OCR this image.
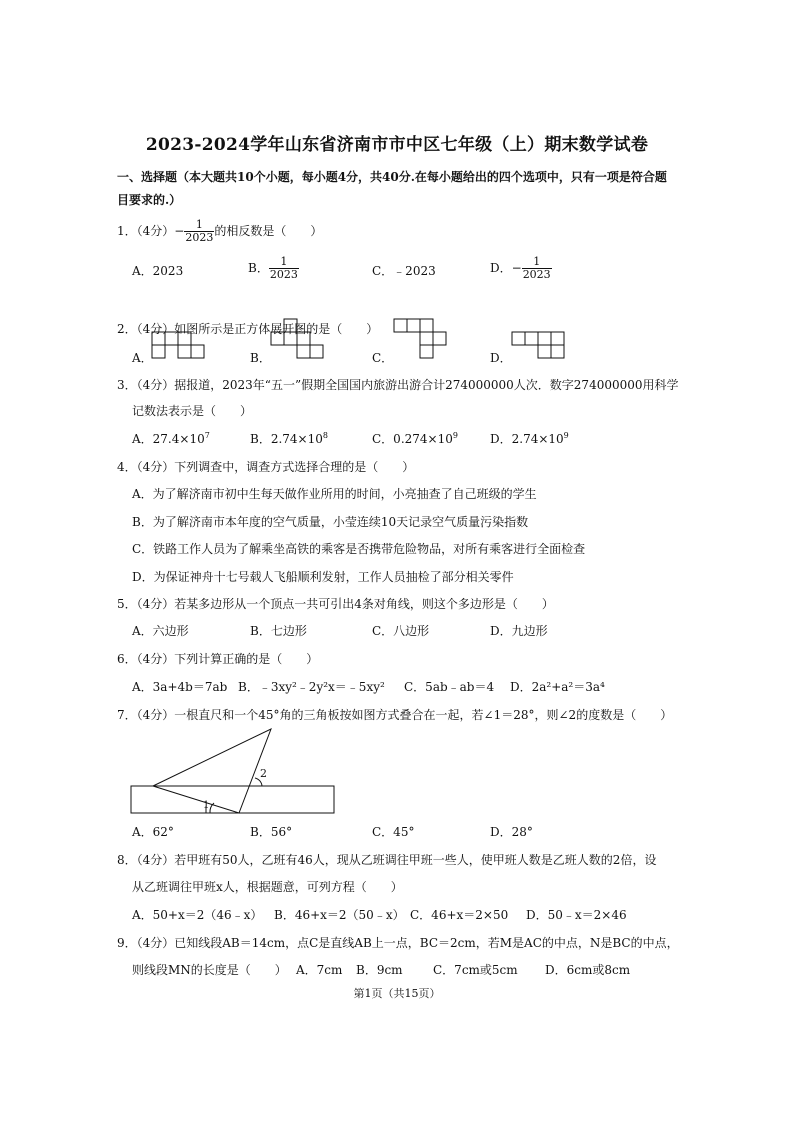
2023-2024学年山东省济南市市中区七年级（上）期末数学试卷
一、选择题（本大题共10个小题，每小题4分，共40分.在每小题给出的四个选项中，只有一项是符合题目要求的.）
1．（4分）− $\frac{1}{2023}$ 的相反数是（　　）
A．2023	B． $\frac{1}{2023}$	C．﹣2023	D．− $\frac{1}{2023}$
2．（4分）如图所示是正方体展开图的是（　　）
A．	B．	C．	D．
2
1
3．（4分）据报道，2023年“五一”假期全国国内旅游出游合计274000000人次．数字274000000用科学
记数法表示是（　　）
A．$27.4\times 10^7$	B．$2.74\times 10^8$	C．$0.274\times 10^9$	D．$2.74\times 10^9$
4．（4分）下列调查中，调查方式选择合理的是（　　）
A．为了解济南市初中生每天做作业所用的时间，小亮抽查了自己班级的学生
B．为了解济南市本年度的空气质量，小莹连续10天记录空气质量污染指数
C．铁路工作人员为了解乘坐高铁的乘客是否携带危险物品，对所有乘客进行全面检查
D．为保证神舟十七号载人飞船顺利发射，工作人员抽检了部分相关零件
5．（4分）若某多边形从一个顶点一共可引出4条对角线，则这个多边形是（　　）
A．六边形	B．七边形	C．八边形	D．九边形
6．（4分）下列计算正确的是（　　）
A．3a+4b＝7ab B．﹣3xy²﹣2y²x＝﹣5xy² C．5ab﹣ab＝4 D．2a²+a²＝3a⁴
7．（4分）一根直尺和一个45°角的三角板按如图方式叠合在一起，若∠1＝28°，则∠2的度数是（　　）
A．62°	B．56°	C．45°	D．28°
8．（4分）若甲班有50人，乙班有46人，现从乙班调往甲班一些人，使甲班人数是乙班人数的2倍，设
从乙班调往甲班x人，根据题意，可列方程（　　）
A．50+x＝2（46﹣x） B．46+x＝2（50﹣x） C．46+x＝2×50 D．50﹣x＝2×46
9．（4分）已知线段AB＝14cm，点C是直线AB上一点，BC＝2cm，若M是AC的中点，N是BC的中点，
则线段MN的长度是（　　） A．7cm B．9cm	C．7cm或5cm D．6cm或8cm
第1页（共15页）
